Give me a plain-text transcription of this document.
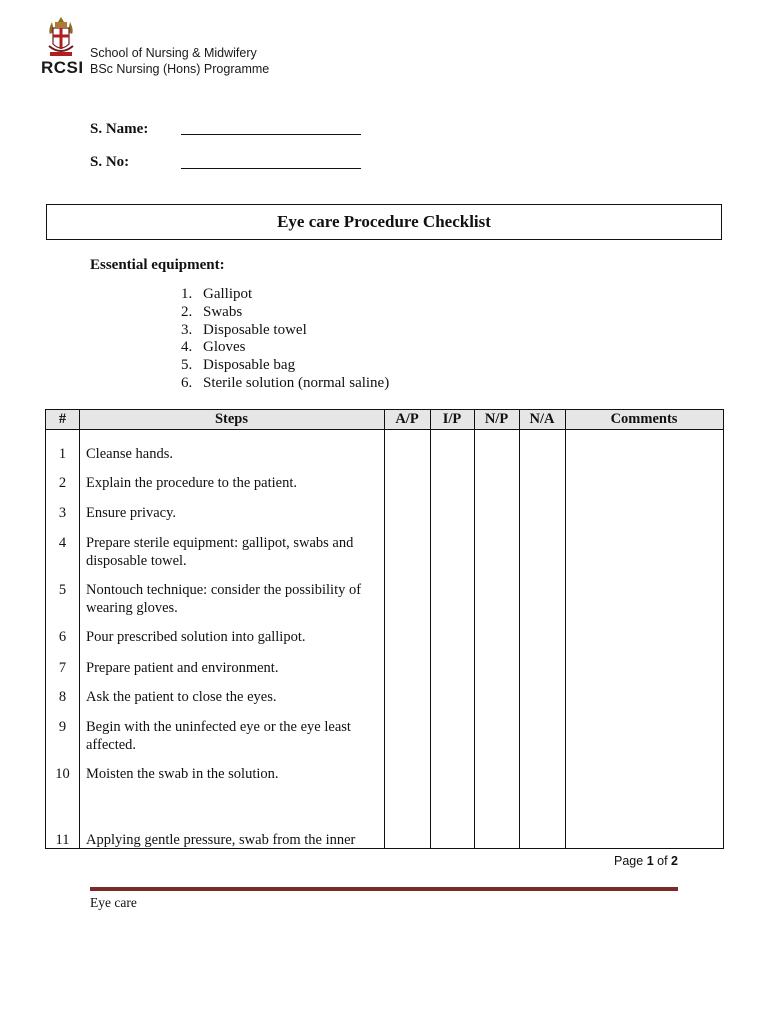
RCSI
School of Nursing & Midwifery
BSc Nursing (Hons) Programme
S. Name:
S. No:
Eye care Procedure Checklist
Essential equipment:
1. Gallipot
2. Swabs
3. Disposable towel
4. Gloves
5. Disposable bag
6. Sterile solution (normal saline)
#	Steps	A/P	I/P	N/P	N/A	Comments
1	Cleanse hands.
2	Explain the procedure to the patient.
3	Ensure privacy.
4	Prepare sterile equipment: gallipot, swabs and disposable towel.
5	Nontouch technique: consider the possibility of wearing gloves.
6	Pour prescribed solution into gallipot.
7	Prepare patient and environment.
8	Ask the patient to close the eyes.
9	Begin with the uninfected eye or the eye least affected.
10	Moisten the swab in the solution.
11	Applying gentle pressure, swab from the inner
Page 1 of 2
Eye care
